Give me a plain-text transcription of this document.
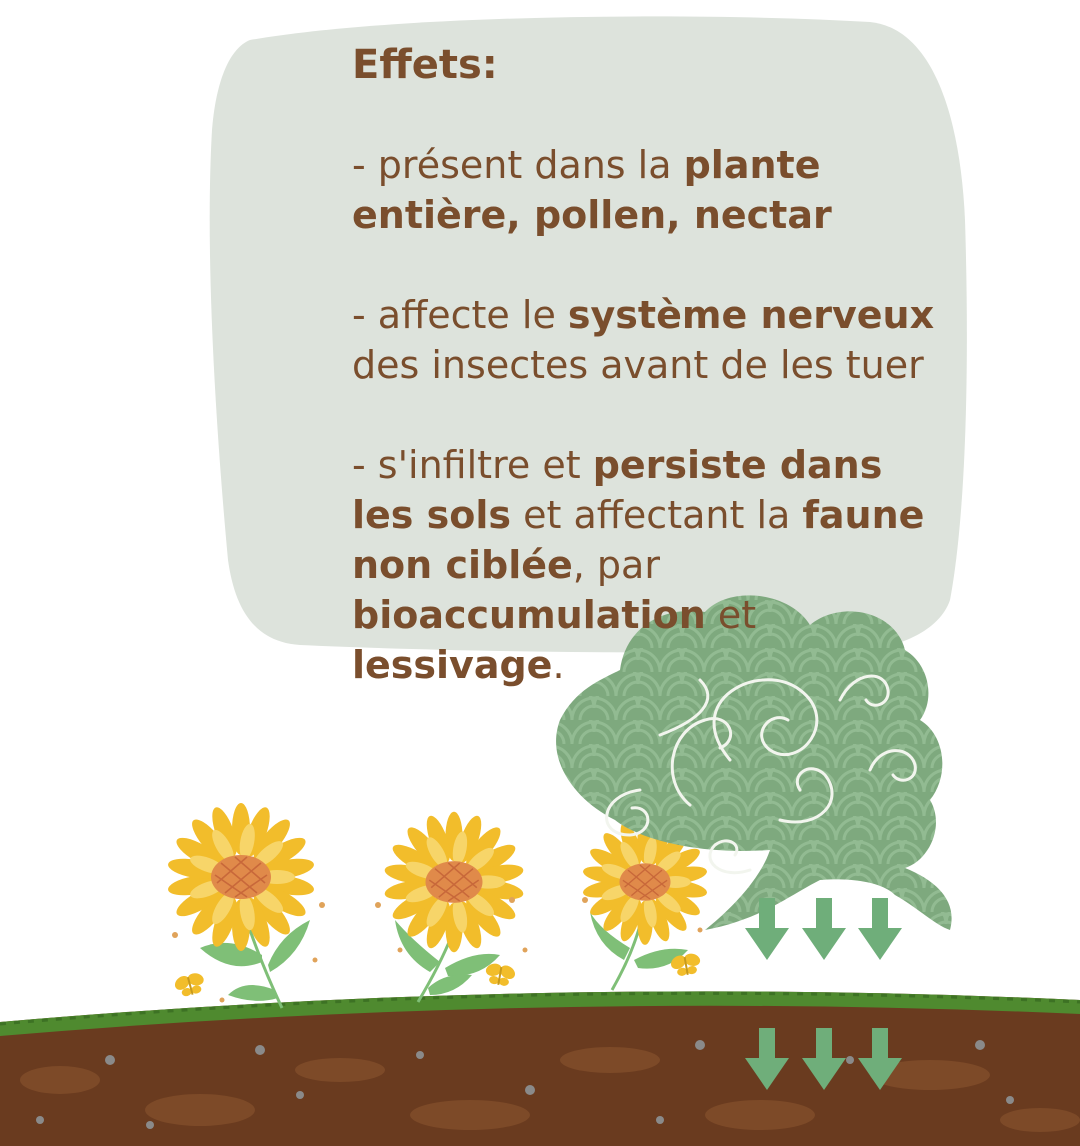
Effets:
- présent dans la plante entière, pollen, nectar
- affecte le système nerveux des insectes avant de les tuer
- s'infiltre et persiste dans les sols et affectant la faune non ciblée, par bioaccumulation et lessivage.
